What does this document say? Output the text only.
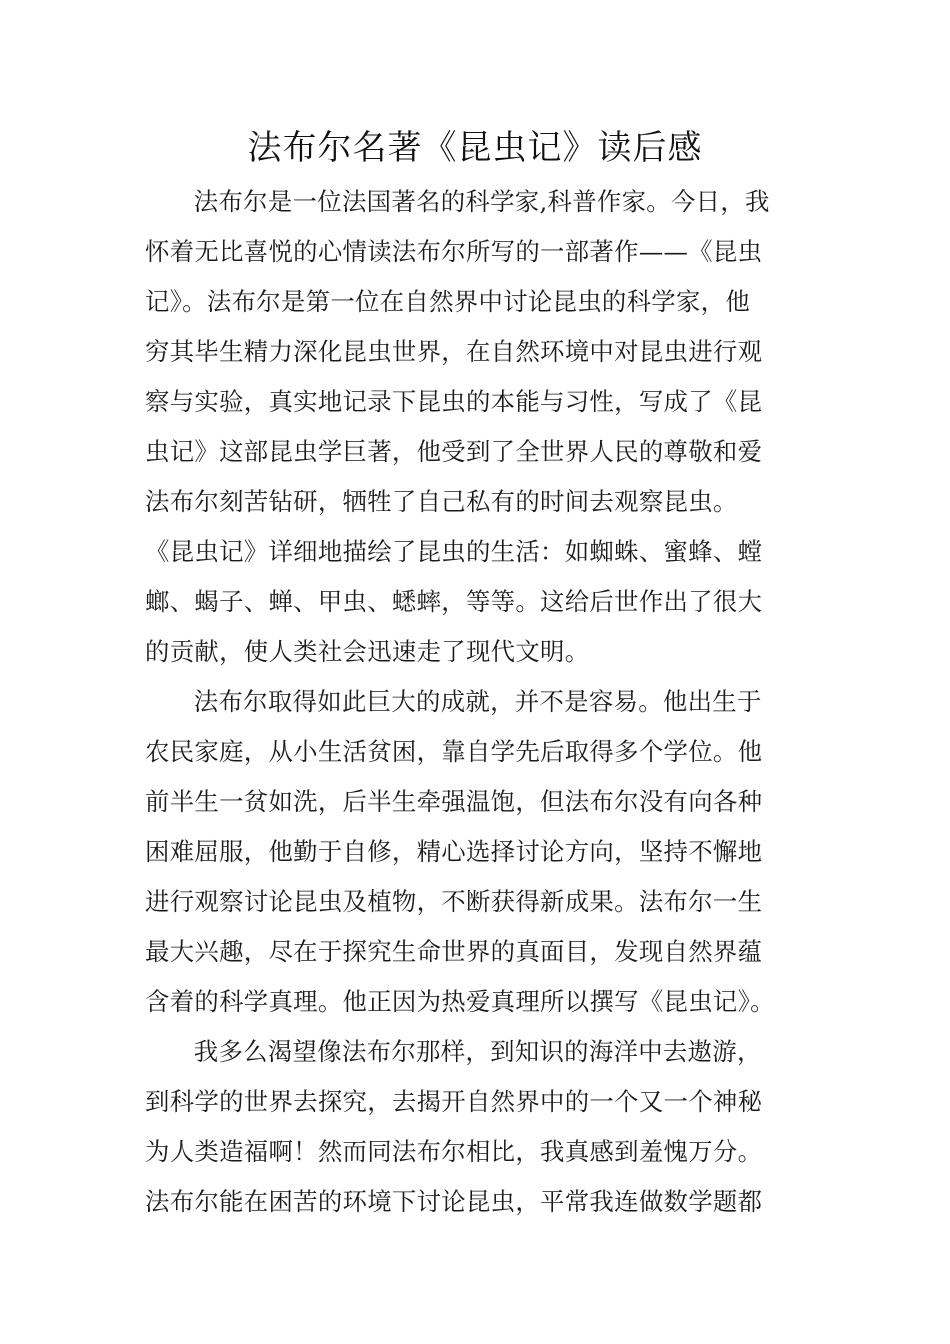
法布尔名著《昆虫记》读后感
法布尔是一位法国著名的科学家,科普作家。今日，我
怀着无比喜悦的心情读法布尔所写的一部著作——《昆虫
记》。法布尔是第一位在自然界中讨论昆虫的科学家，他
穷其毕生精力深化昆虫世界，在自然环境中对昆虫进行观
察与实验，真实地记录下昆虫的本能与习性，写成了《昆
虫记》这部昆虫学巨著，他受到了全世界人民的尊敬和爱
法布尔刻苦钻研，牺牲了自己私有的时间去观察昆虫。
《昆虫记》详细地描绘了昆虫的生活：如蜘蛛、蜜蜂、螳
螂、蝎子、蝉、甲虫、蟋蟀，等等。这给后世作出了很大
的贡献，使人类社会迅速走了现代文明。
法布尔取得如此巨大的成就，并不是容易。他出生于
农民家庭，从小生活贫困，靠自学先后取得多个学位。他
前半生一贫如洗，后半生牵强温饱，但法布尔没有向各种
困难屈服，他勤于自修，精心选择讨论方向，坚持不懈地
进行观察讨论昆虫及植物，不断获得新成果。法布尔一生
最大兴趣，尽在于探究生命世界的真面目，发现自然界蕴
含着的科学真理。他正因为热爱真理所以撰写《昆虫记》。
我多么渴望像法布尔那样，到知识的海洋中去遨游，
到科学的世界去探究，去揭开自然界中的一个又一个神秘
为人类造福啊！然而同法布尔相比，我真感到羞愧万分。
法布尔能在困苦的环境下讨论昆虫，平常我连做数学题都
